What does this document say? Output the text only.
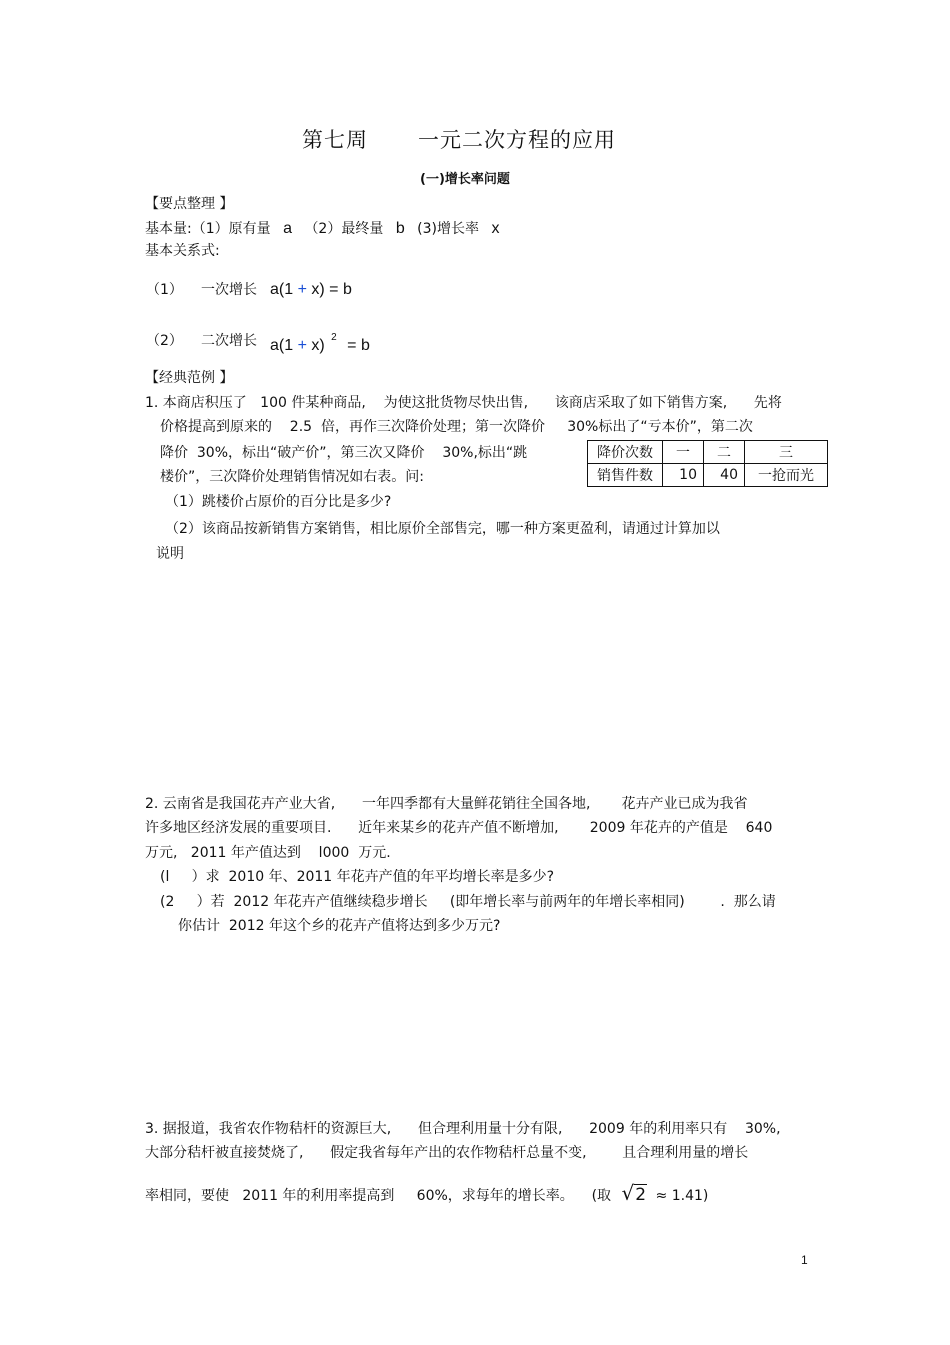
第七周 一元二次方程的应用
(一)增长率问题
【要点整理 】
基本量:（1）原有量 a （2）最终量 b (3)增长率 x
基本关系式:
（1） 一次增长 a(1 + x) = b
（2） 二次增长 a(1 + x) $^2$ = b
【经典范例 】
1. 本商店积压了   100 件某种商品,    为使这批货物尽快出售,      该商店采取了如下销售方案,      先将
价格提高到原来的    2.5  倍，再作三次降价处理；第一次降价     30%标出了“亏本价”，第二次
降价  30%，标出“破产价”，第三次又降价    30%,标出“跳
楼价”，三次降价处理销售情况如右表。问:
降价次数	一	二	三
销售件数	10	40	一抢而光
（1）跳楼价占原价的百分比是多少?
（2）该商品按新销售方案销售，相比原价全部售完，哪一种方案更盈利，请通过计算加以
说明
2. 云南省是我国花卉产业大省,      一年四季都有大量鲜花销往全国各地,       花卉产业已成为我省
许多地区经济发展的重要项目.      近年来某乡的花卉产值不断增加,       2009 年花卉的产值是    640
万元,   2011 年产值达到    l000  万元.
(l     ）求  2010 年、2011 年花卉产值的年平均增长率是多少?
(2     ）若  2012 年花卉产值继续稳步增长     (即年增长率与前两年的年增长率相同)        .  那么请
你估计  2012 年这个乡的花卉产值将达到多少万元?
3. 据报道，我省农作物秸杆的资源巨大,      但合理利用量十分有限,      2009 年的利用率只有    30%,
大部分秸杆被直接焚烧了,      假定我省每年产出的农作物秸杆总量不变,        且合理利用量的增长
率相同，要使   2011 年的利用率提高到     60%，求每年的增长率。    (取 √2 ≈ 1.41)
1
